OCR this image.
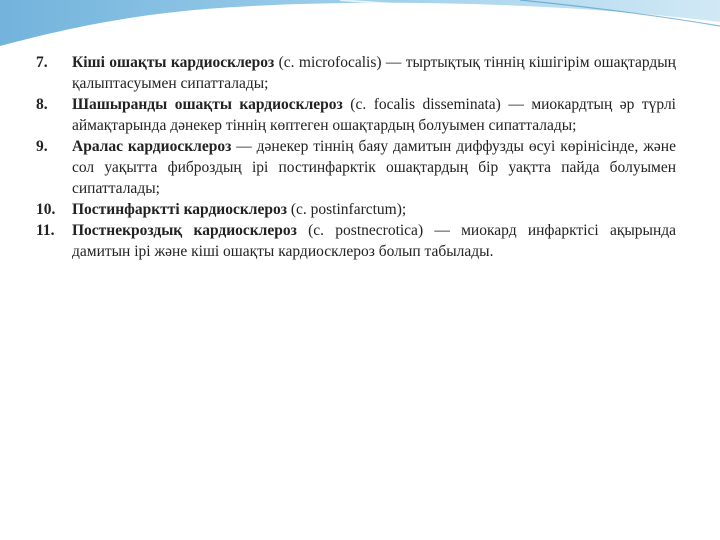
7.	Кіші ошақты кардиосклероз (c. microfocalis) — тыртықтық тіннің кішігірім ошақтардың қалыптасуымен сипатталады;
8.	Шашыранды ошақты кардиосклероз (c. focalis disseminata) — миокардтың әр түрлі аймақтарында дәнекер тіннің көптеген ошақтардың болуымен сипатталады;
9.	Аралас кардиосклероз — дәнекер тіннің баяу дамитын диффузды өсуі көрінісінде, және сол уақытта фиброздың ірі постинфарктік ошақтардың бір уақтта пайда болуымен сипатталады;
10.	Постинфарктті кардиосклероз (c. postinfarctum);
11.	Постнекроздық кардиосклероз (c. postnecrotica) — миокард инфарктісі ақырында дамитын ірі және кіші ошақты кардиосклероз болып табылады.
